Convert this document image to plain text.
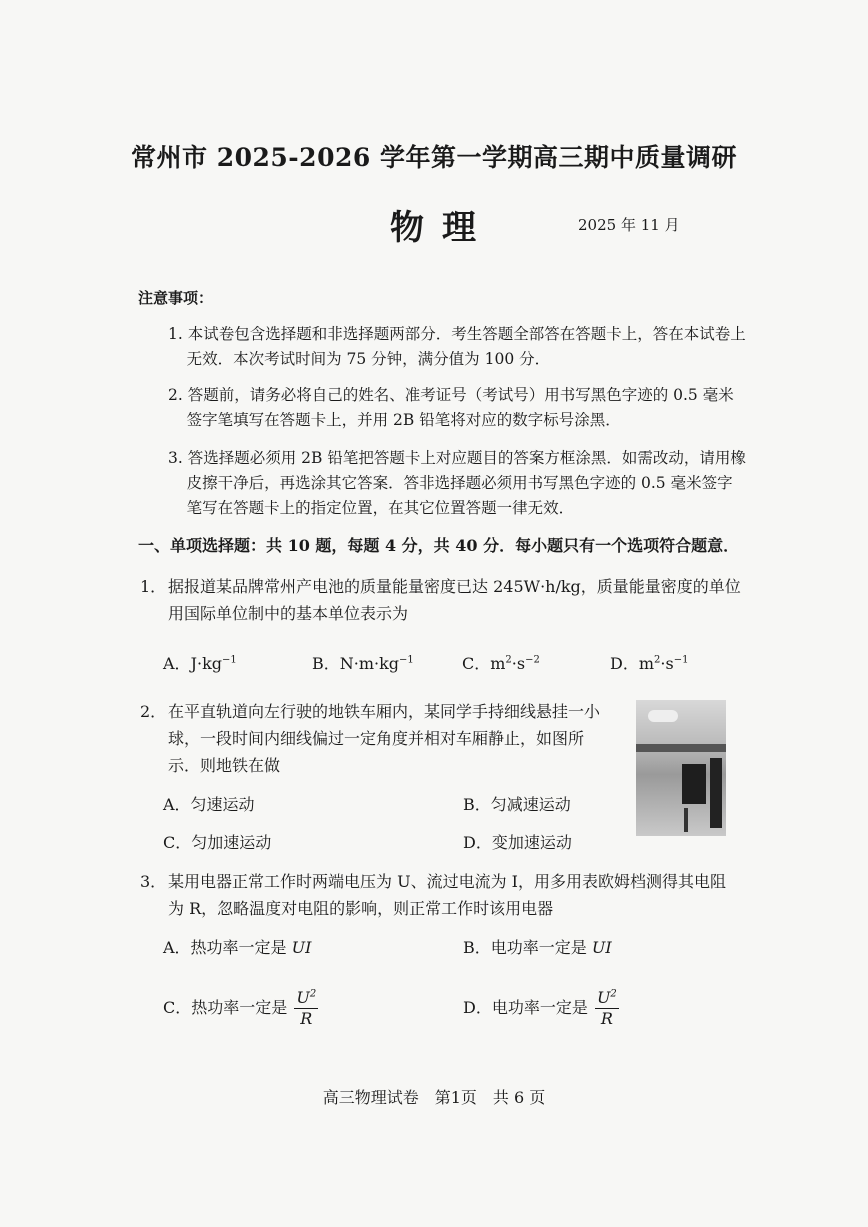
常州市 2025-2026 学年第一学期高三期中质量调研
物理	2025 年 11 月
注意事项：
1. 本试卷包含选择题和非选择题两部分．考生答题全部答在答题卡上，答在本试卷上无效．本次考试时间为 75 分钟，满分值为 100 分．
2. 答题前，请务必将自己的姓名、准考证号（考试号）用书写黑色字迹的 0.5 毫米签字笔填写在答题卡上，并用 2B 铅笔将对应的数字标号涂黑．
3. 答选择题必须用 2B 铅笔把答题卡上对应题目的答案方框涂黑．如需改动，请用橡皮擦干净后，再选涂其它答案．答非选择题必须用书写黑色字迹的 0.5 毫米签字笔写在答题卡上的指定位置，在其它位置答题一律无效．
一、单项选择题：共 10 题，每题 4 分，共 40 分．每小题只有一个选项符合题意．
1． 据报道某品牌常州产电池的质量能量密度已达 245W·h/kg，质量能量密度的单位
用国际单位制中的基本单位表示为
A．$J\cdot kg^{-1}$	B．$N\cdot m\cdot kg^{-1}$	C．$m^2\cdot s^{-2}$	D．$m^2\cdot s^{-1}$
2． 在平直轨道向左行驶的地铁车厢内，某同学手持细线悬挂一小
球，一段时间内细线偏过一定角度并相对车厢静止，如图所
示．则地铁在做
A．匀速运动	B．匀减速运动
C．匀加速运动	D．变加速运动
3． 某用电器正常工作时两端电压为 U、流过电流为 I，用多用表欧姆档测得其电阻
为 R，忽略温度对电阻的影响，则正常工作时该用电器
A．热功率一定是 UI	B．电功率一定是 UI
C．热功率一定是 $\frac{U^2}{R}$	D．电功率一定是 $\frac{U^2}{R}$
高三物理试卷　第1页　共 6 页
